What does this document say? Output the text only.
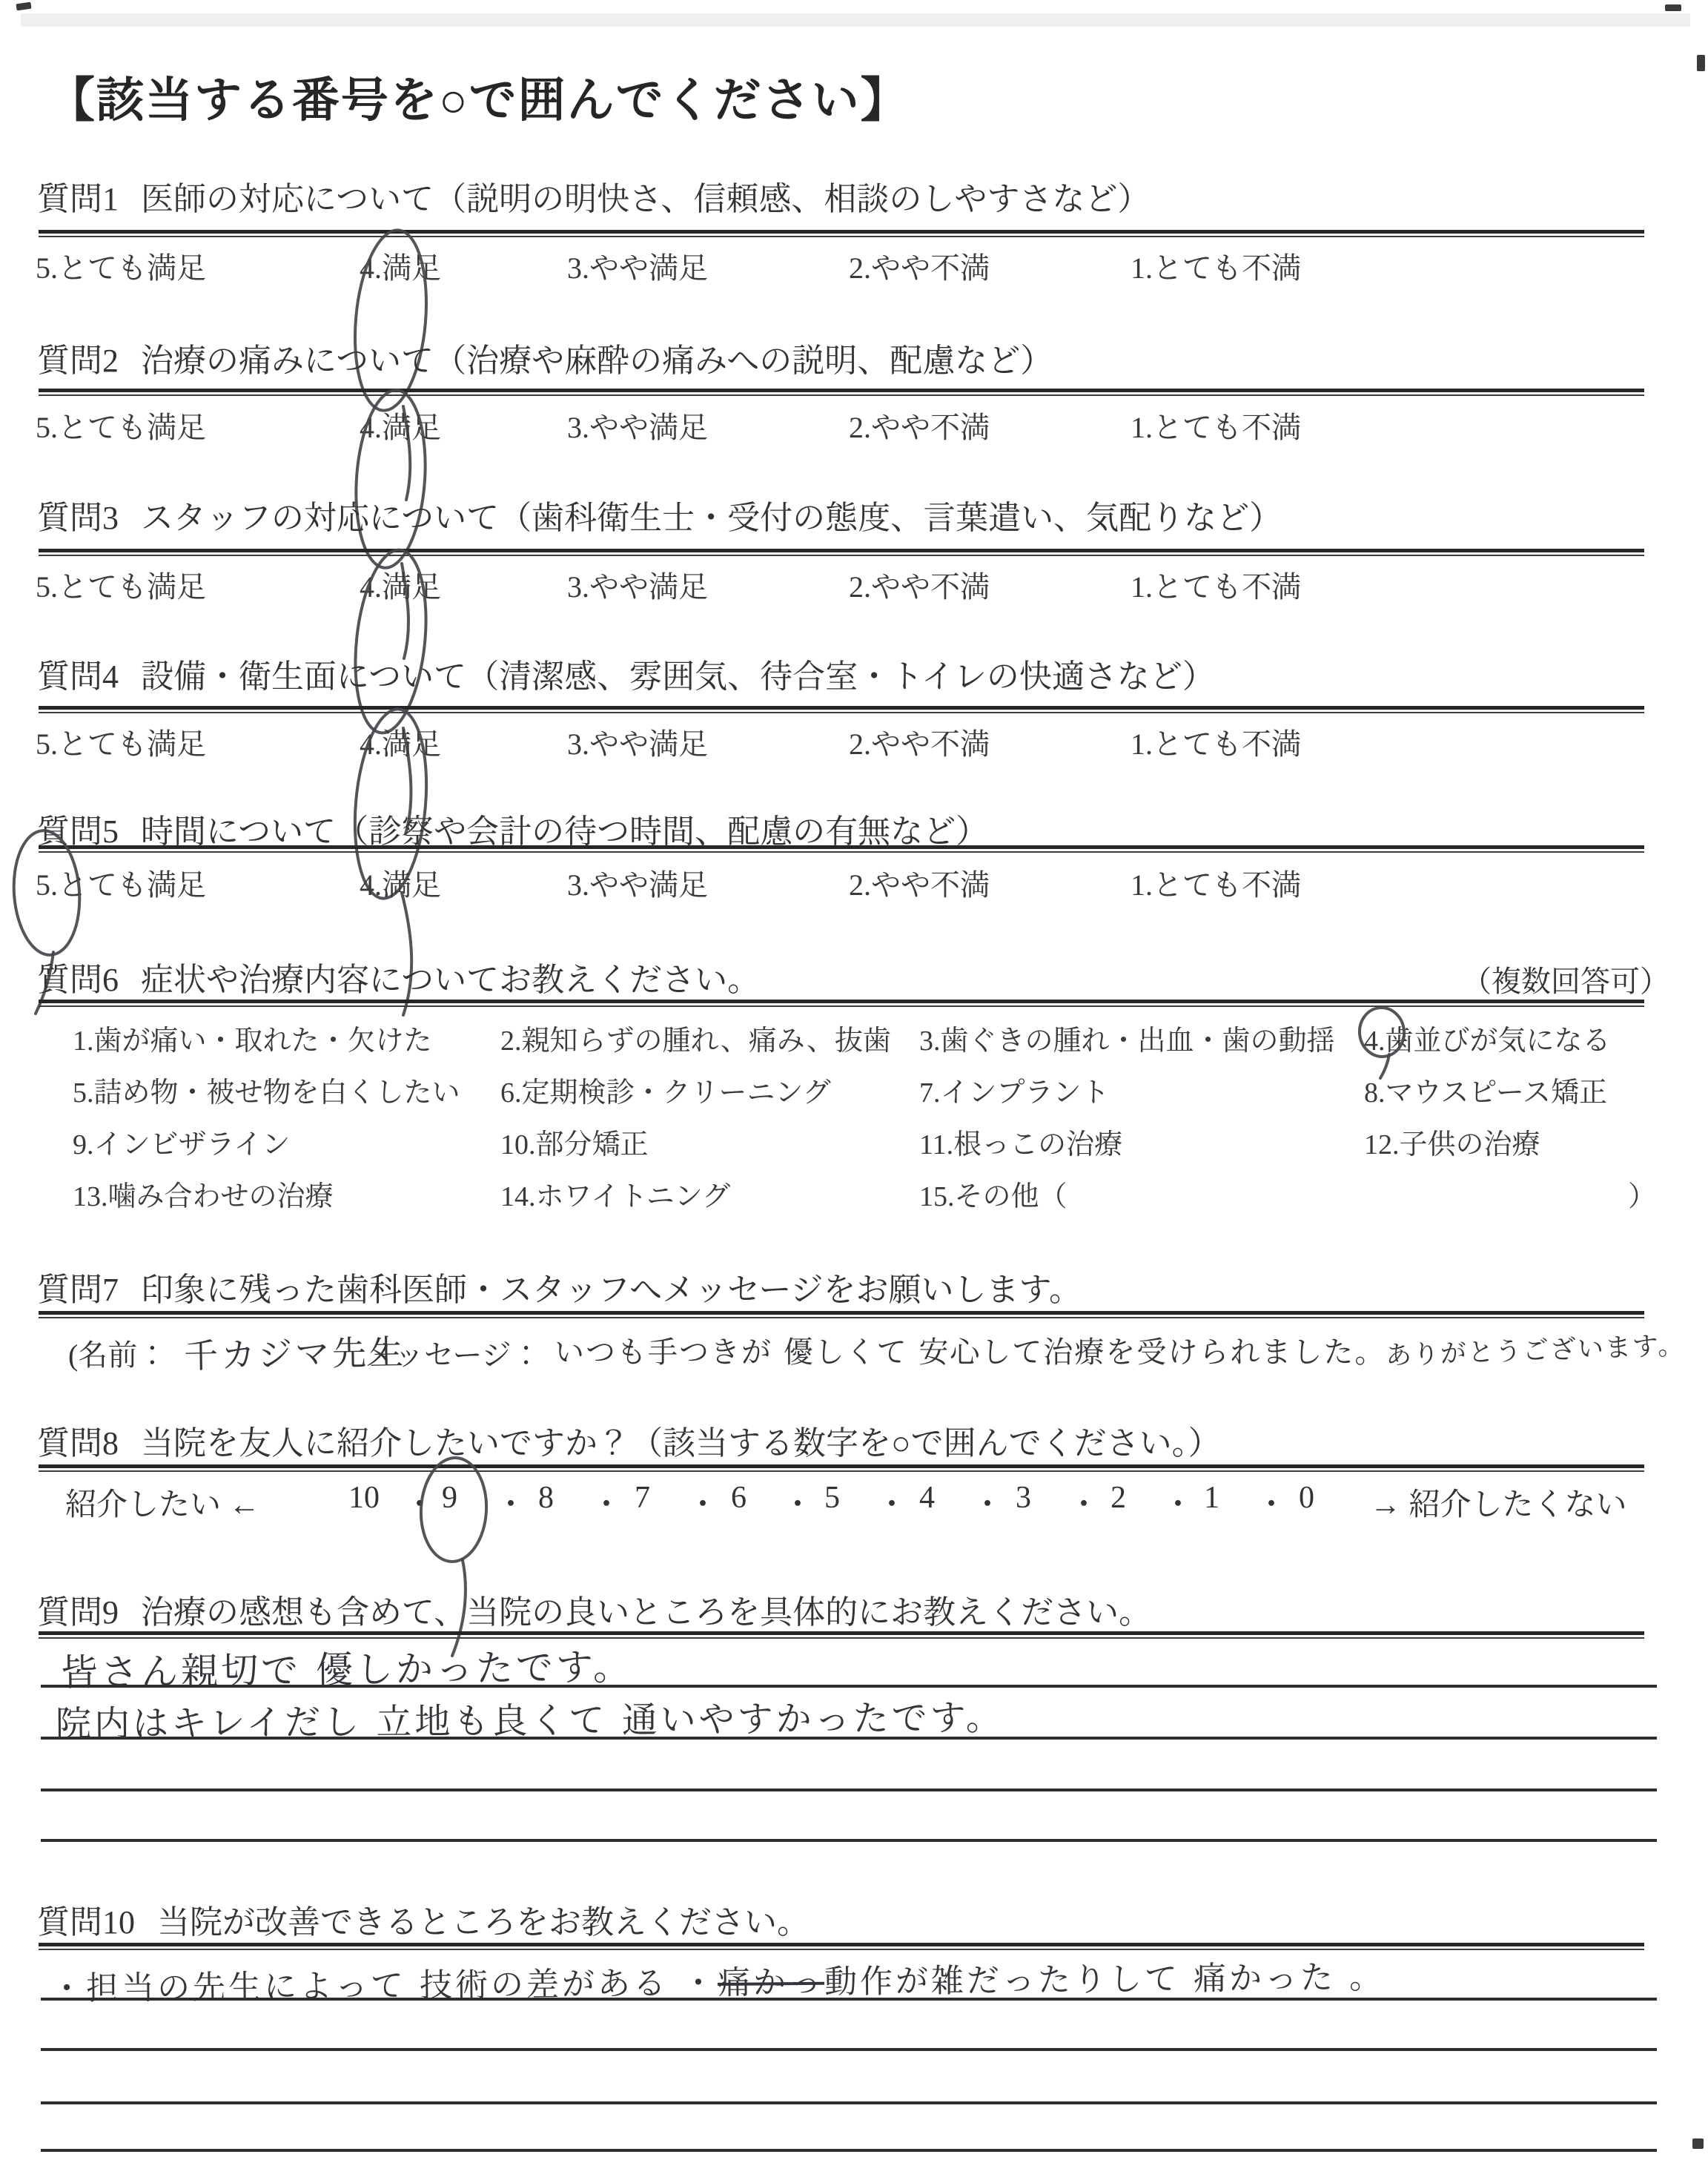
【該当する番号を○で囲んでください】
質問1 医師の対応について（説明の明快さ、信頼感、相談のしやすさなど）
5.とても満足	4.満足	3.やや満足	2.やや不満	1.とても不満
質問2 治療の痛みについて（治療や麻酔の痛みへの説明、配慮など）
5.とても満足	4.満足	3.やや満足	2.やや不満	1.とても不満
質問3 スタッフの対応について（歯科衛生士・受付の態度、言葉遣い、気配りなど）
5.とても満足	4.満足	3.やや満足	2.やや不満	1.とても不満
質問4 設備・衛生面について（清潔感、雰囲気、待合室・トイレの快適さなど）
5.とても満足	4.満足	3.やや満足	2.やや不満	1.とても不満
質問5 時間について（診察や会計の待つ時間、配慮の有無など）
5.とても満足	4.満足	3.やや満足	2.やや不満	1.とても不満
質問6 症状や治療内容についてお教えください。	（複数回答可）
1.歯が痛い・取れた・欠けた 2.親知らずの腫れ、痛み、抜歯 3.歯ぐきの腫れ・出血・歯の動揺 4.歯並びが気になる
5.詰め物・被せ物を白くしたい 6.定期検診・クリーニング	7.インプラント	8.マウスピース矯正
9.インビザライン	10.部分矯正	11.根っこの治療	12.子供の治療
13.噛み合わせの治療	14.ホワイトニング	15.その他（	）
質問7 印象に残った歯科医師・スタッフへメッセージをお願いします。
(名前： 千カジマ先生
メッセージ： いつも手つきが 優しくて 安心して治療を受けられました。ありがとうございます。
質問8 当院を友人に紹介したいですか？（該当する数字を○で囲んでください。）
紹介したい ←	10 ・ 9 ・ 8 ・ 7 ・ 6 ・ 5 ・ 4 ・ 3 ・ 2 ・ 1 ・ 0 → 紹介したくない
質問9 治療の感想も含めて、当院の良いところを具体的にお教えください。
皆さん親切で 優しかったです。
院内はキレイだし 立地も良くて 通いやすかったです。
質問10 当院が改善できるところをお教えください。
・担当の先生によって 技術の差がある ・痛かっ動作が雑だったりして 痛かった 。
